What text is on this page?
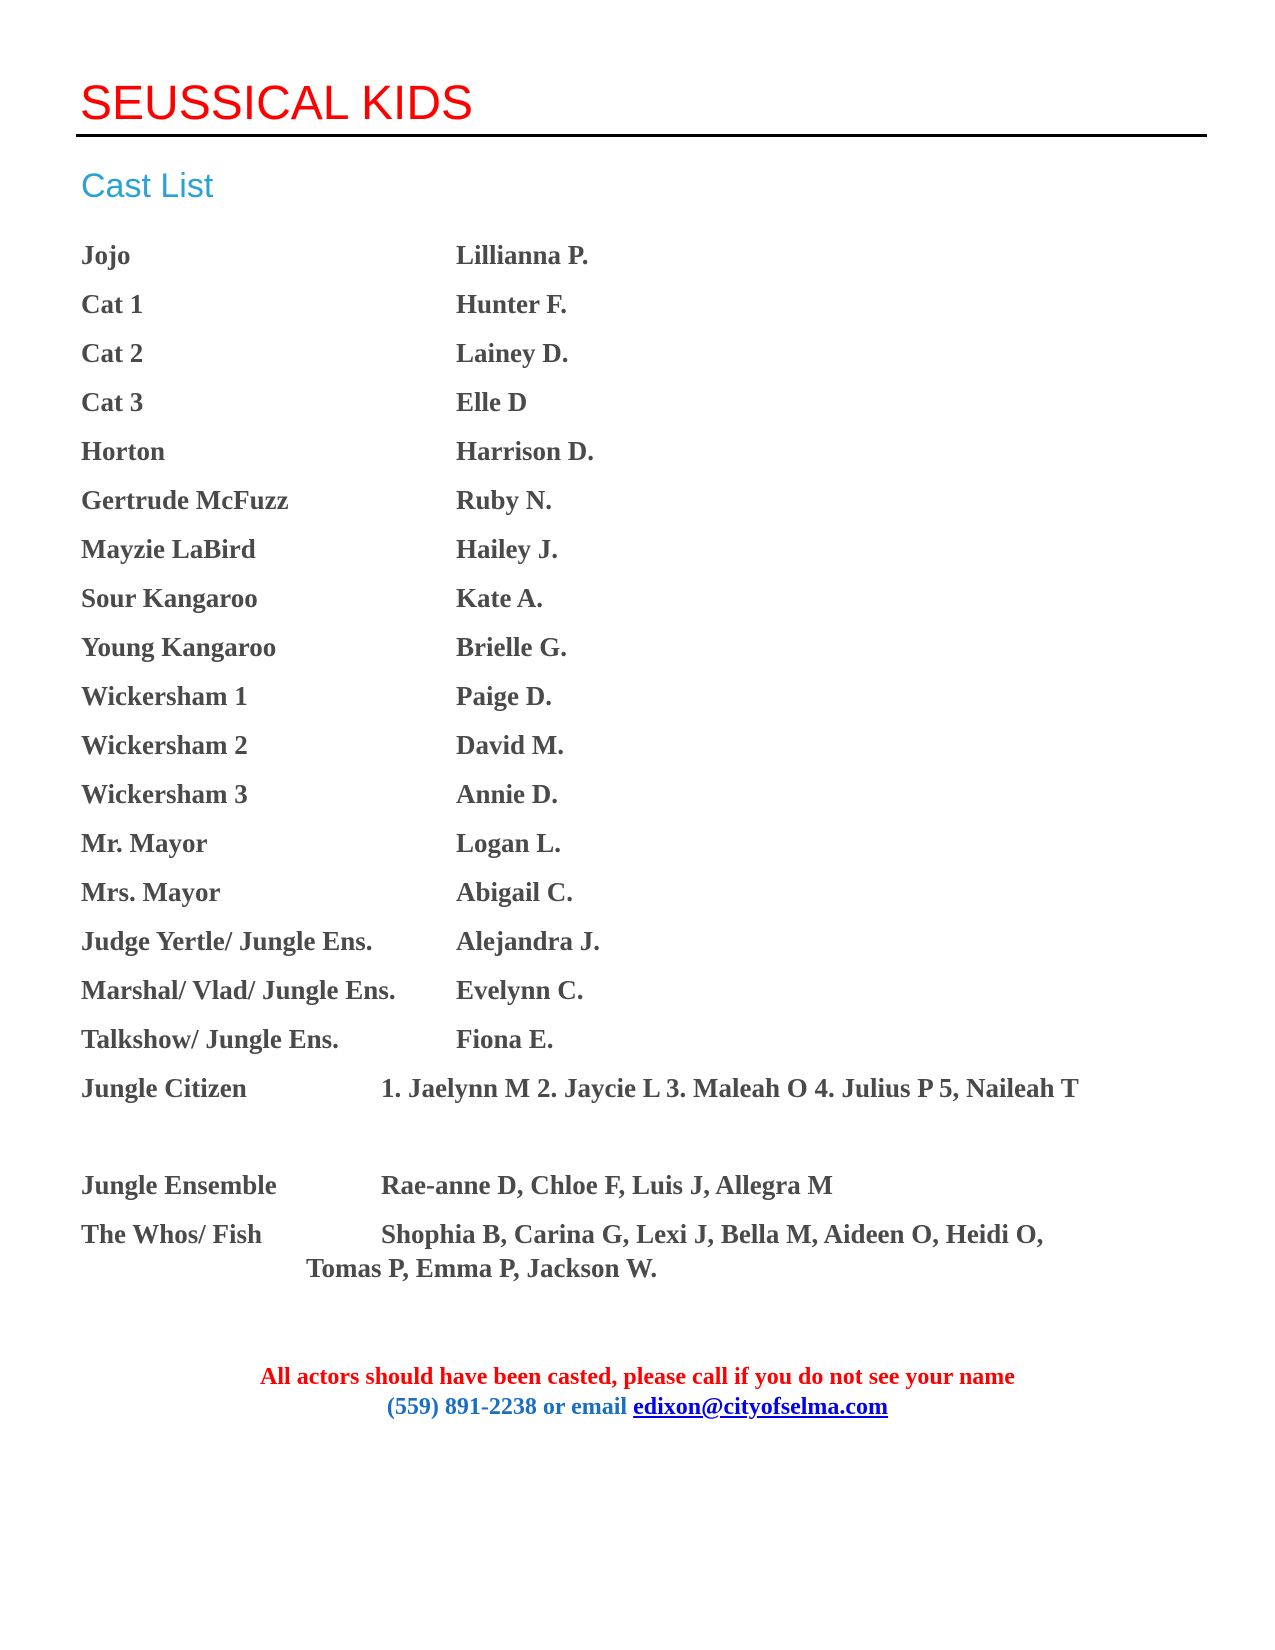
SEUSSICAL KIDS
Cast List
Jojo	Lillianna P.
Cat 1	Hunter F.
Cat 2	Lainey D.
Cat 3	Elle D
Horton	Harrison D.
Gertrude McFuzz	Ruby N.
Mayzie LaBird	Hailey J.
Sour Kangaroo	Kate A.
Young Kangaroo	Brielle G.
Wickersham 1	Paige D.
Wickersham 2	David M.
Wickersham 3	Annie D.
Mr. Mayor	Logan L.
Mrs. Mayor	Abigail C.
Judge Yertle/ Jungle Ens.	Alejandra J.
Marshal/ Vlad/ Jungle Ens. Evelynn C.
Talkshow/ Jungle Ens.	Fiona E.
Jungle Citizen	1. Jaelynn M 2. Jaycie L 3. Maleah O 4. Julius P 5, Naileah T
Jungle Ensemble	Rae-anne D, Chloe F, Luis J, Allegra M
The Whos/ Fish	Shophia B, Carina G, Lexi J, Bella M, Aideen O, Heidi O,
Tomas P, Emma P, Jackson W.
All actors should have been casted, please call if you do not see your name
(559) 891-2238 or email edixon@cityofselma.com
